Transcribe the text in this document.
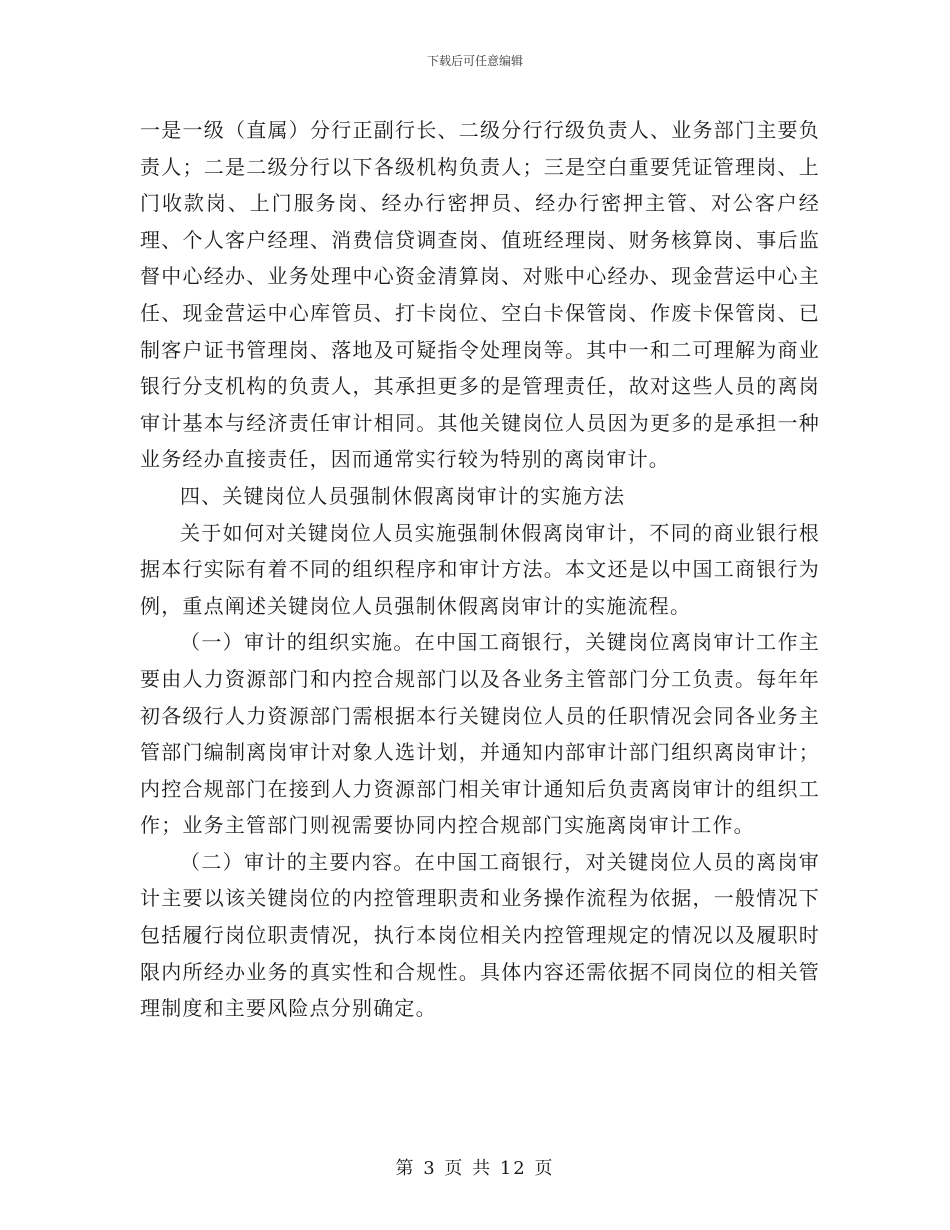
下载后可任意编辑

一是一级（直属）分行正副行长、二级分行行级负责人、业务部门主要负责人；二是二级分行以下各级机构负责人；三是空白重要凭证管理岗、上门收款岗、上门服务岗、经办行密押员、经办行密押主管、对公客户经理、个人客户经理、消费信贷调查岗、值班经理岗、财务核算岗、事后监督中心经办、业务处理中心资金清算岗、对账中心经办、现金营运中心主任、现金营运中心库管员、打卡岗位、空白卡保管岗、作废卡保管岗、已制客户证书管理岗、落地及可疑指令处理岗等。其中一和二可理解为商业银行分支机构的负责人，其承担更多的是管理责任，故对这些人员的离岗审计基本与经济责任审计相同。其他关键岗位人员因为更多的是承担一种业务经办直接责任，因而通常实行较为特别的离岗审计。

四、关键岗位人员强制休假离岗审计的实施方法

关于如何对关键岗位人员实施强制休假离岗审计，不同的商业银行根据本行实际有着不同的组织程序和审计方法。本文还是以中国工商银行为例，重点阐述关键岗位人员强制休假离岗审计的实施流程。

（一）审计的组织实施。在中国工商银行，关键岗位离岗审计工作主要由人力资源部门和内控合规部门以及各业务主管部门分工负责。每年年初各级行人力资源部门需根据本行关键岗位人员的任职情况会同各业务主管部门编制离岗审计对象人选计划，并通知内部审计部门组织离岗审计；内控合规部门在接到人力资源部门相关审计通知后负责离岗审计的组织工作；业务主管部门则视需要协同内控合规部门实施离岗审计工作。

（二）审计的主要内容。在中国工商银行，对关键岗位人员的离岗审计主要以该关键岗位的内控管理职责和业务操作流程为依据，一般情况下包括履行岗位职责情况，执行本岗位相关内控管理规定的情况以及履职时限内所经办业务的真实性和合规性。具体内容还需依据不同岗位的相关管理制度和主要风险点分别确定。

第 3 页 共 12 页
